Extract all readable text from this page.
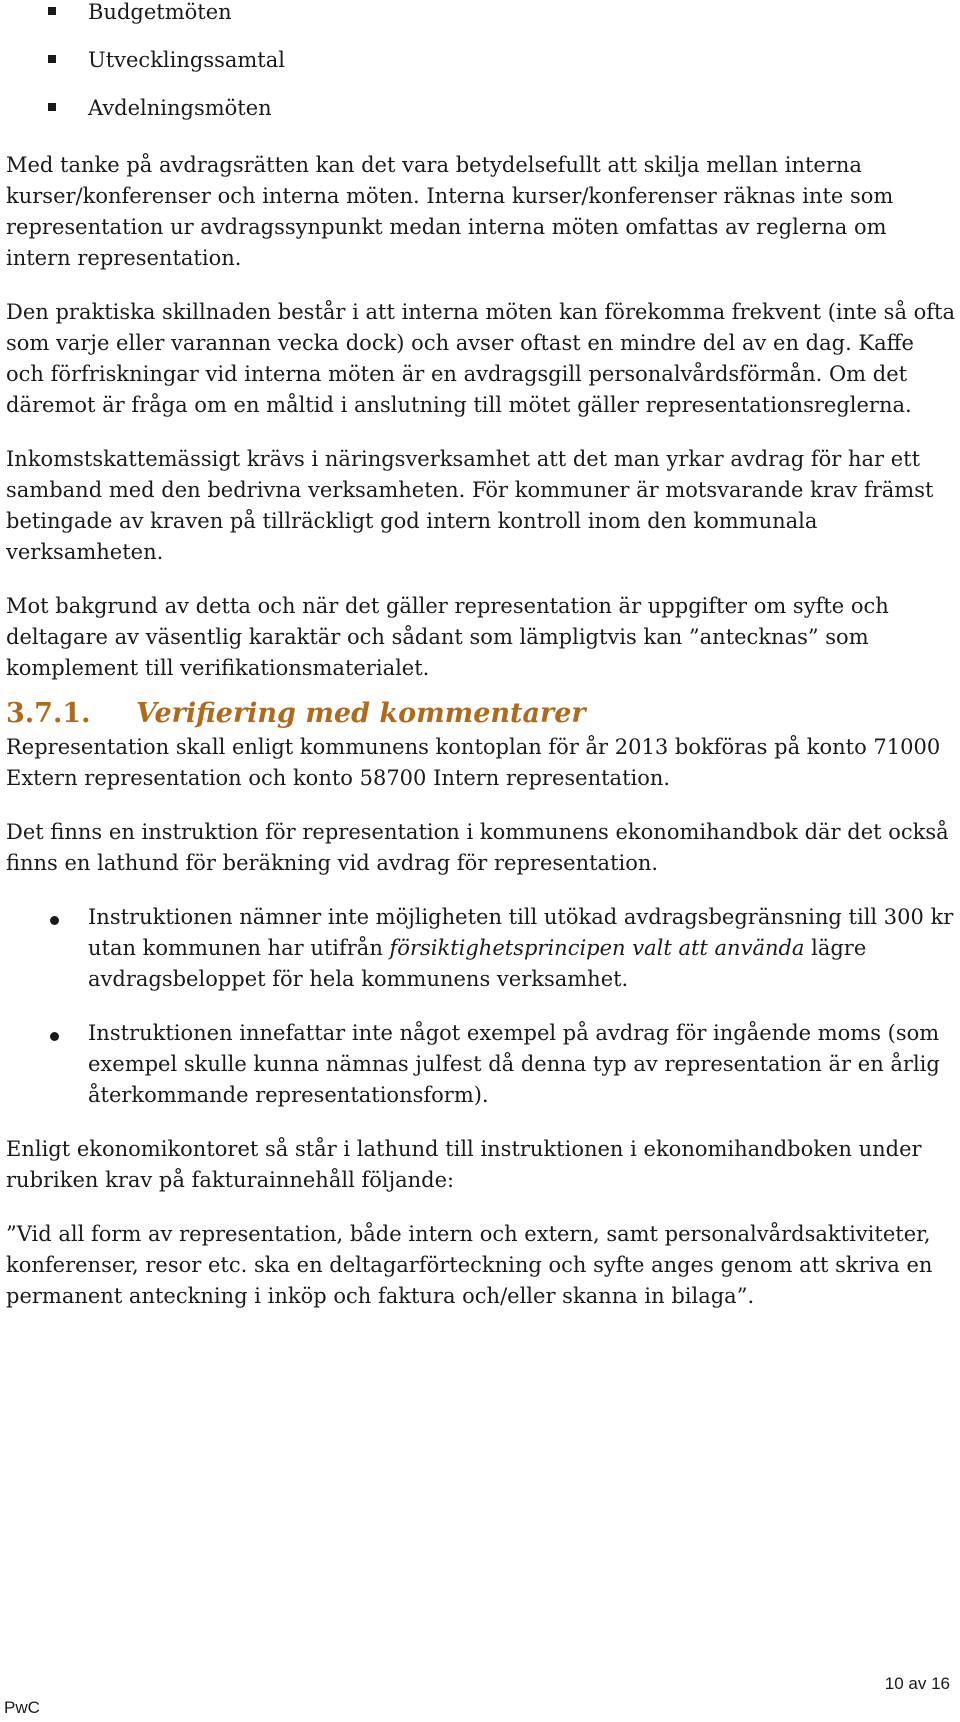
Budgetmöten
Utvecklingssamtal
Avdelningsmöten

Med tanke på avdragsrätten kan det vara betydelsefullt att skilja mellan interna kurser/konferenser och interna möten. Interna kurser/konferenser räknas inte som representation ur avdragssynpunkt medan interna möten omfattas av reglerna om intern representation.

Den praktiska skillnaden består i att interna möten kan förekomma frekvent (inte så ofta som varje eller varannan vecka dock) och avser oftast en mindre del av en dag. Kaffe och förfriskningar vid interna möten är en avdragsgill personalvårdsförmån. Om det däremot är fråga om en måltid i anslutning till mötet gäller representationsreglerna.

Inkomstskattemässigt krävs i näringsverksamhet att det man yrkar avdrag för har ett samband med den bedrivna verksamheten. För kommuner är motsvarande krav främst betingade av kraven på tillräckligt god intern kontroll inom den kommunala verksamheten.

Mot bakgrund av detta och när det gäller representation är uppgifter om syfte och deltagare av väsentlig karaktär och sådant som lämpligtvis kan ”antecknas” som komplement till verifikationsmaterialet.

3.7.1. Verifiering med kommentarer

Representation skall enligt kommunens kontoplan för år 2013 bokföras på konto 71000 Extern representation och konto 58700 Intern representation.

Det finns en instruktion för representation i kommunens ekonomihandbok där det också finns en lathund för beräkning vid avdrag för representation.

Instruktionen nämner inte möjligheten till utökad avdragsbegränsning till 300 kr utan kommunen har utifrån försiktighetsprincipen valt att använda lägre avdragsbeloppet för hela kommunens verksamhet.
Instruktionen innefattar inte något exempel på avdrag för ingående moms (som exempel skulle kunna nämnas julfest då denna typ av representation är en årlig återkommande representationsform).

Enligt ekonomikontoret så står i lathund till instruktionen i ekonomihandboken under rubriken krav på fakturainnehåll följande:

”Vid all form av representation, både intern och extern, samt personalvårdsaktiviteter, konferenser, resor etc. ska en deltagarförteckning och syfte anges genom att skriva en permanent anteckning i inköp och faktura och/eller skanna in bilaga”.

10 av 16
PwC
